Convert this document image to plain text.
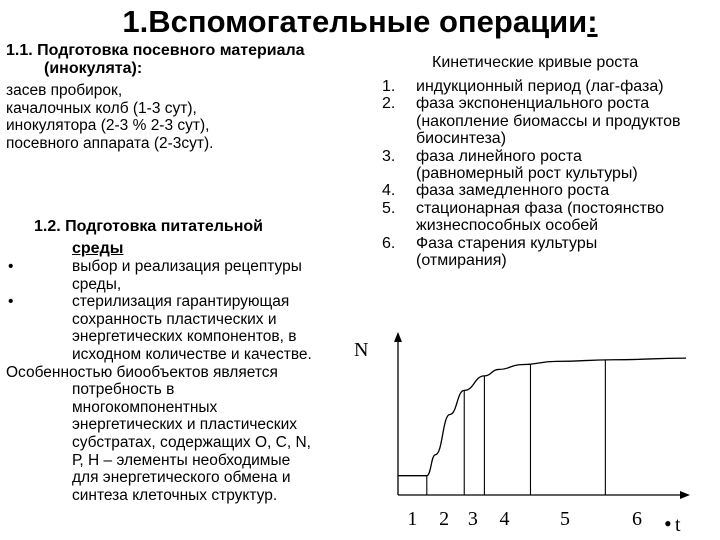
1.Вспомогательные операции:
1.1. Подготовка посевного материала
(инокулята):
засев пробирок,
качалочных колб (1-3 сут),
инокулятора (2-3 % 2-3 сут),
посевного аппарата (2-3сут).
1.2. Подготовка питательной
среды
•	выбор и реализация рецептуры
среды,
•	стерилизация гарантирующая
сохранность пластических и
энергетических компонентов, в
исходном количестве и качестве.
Особенностью биообъектов является
потребность в
многокомпонентных
энергетических и пластических
субстратах, содержащих О, С, N,
Р, Н – элементы необходимые
для энергетического обмена и
синтеза клеточных структур.
Кинетические кривые роста
1.	индукционный период (лаг-фаза)
2.	фаза экспоненциального роста
(накопление биомассы и продуктов
биосинтеза)
3.	фаза линейного роста
(равномерный рост культуры)
4.	фаза замедленного роста
5.	стационарная фаза (постоянство
жизнеспособных особей
6.	Фаза старения культуры
(отмирания)
1 2 3 4	5	6
N
• t
